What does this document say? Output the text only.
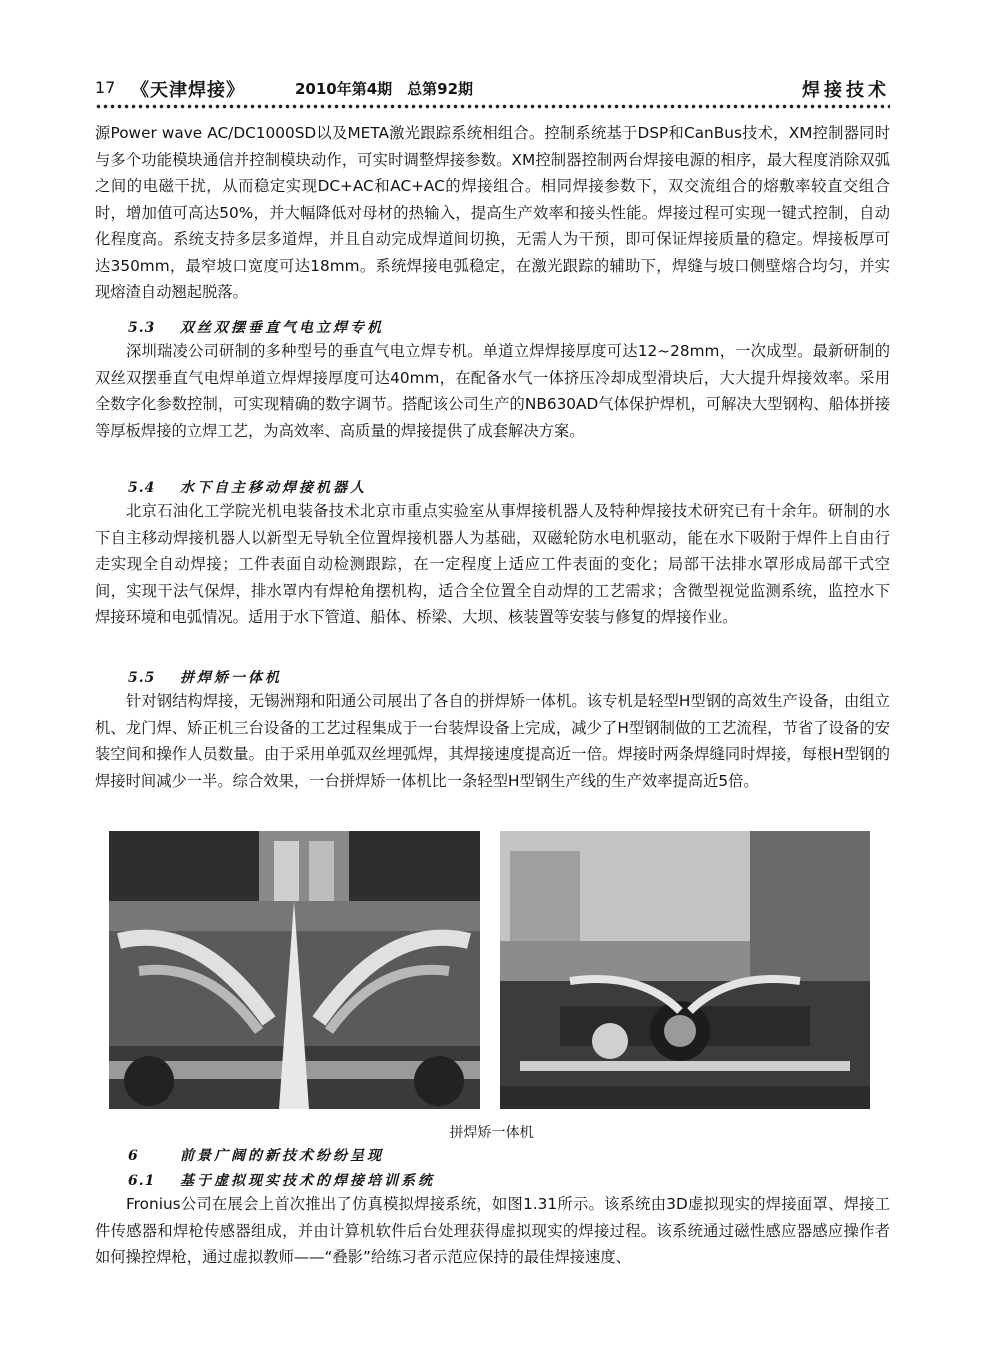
17 《天津焊接》	2010年第4期　总第92期	焊接技术

源Power wave AC/DC1000SD以及META激光跟踪系统相组合。控制系统基于DSP和CanBus技术，XM控制器同时与多个功能模块通信并控制模块动作，可实时调整焊接参数。XM控制器控制两台焊接电源的相序，最大程度消除双弧之间的电磁干扰，从而稳定实现DC+AC和AC+AC的焊接组合。相同焊接参数下，双交流组合的熔敷率较直交组合时，增加值可高达50%，并大幅降低对母材的热输入，提高生产效率和接头性能。焊接过程可实现一键式控制，自动化程度高。系统支持多层多道焊，并且自动完成焊道间切换，无需人为干预，即可保证焊接质量的稳定。焊接板厚可达350mm，最窄坡口宽度可达18mm。系统焊接电弧稳定，在激光跟踪的辅助下，焊缝与坡口侧壁熔合均匀，并实现熔渣自动翘起脱落。

5.3 双丝双摆垂直气电立焊专机

深圳瑞凌公司研制的多种型号的垂直气电立焊专机。单道立焊焊接厚度可达12~28mm，一次成型。最新研制的双丝双摆垂直气电焊单道立焊焊接厚度可达40mm，在配备水气一体挤压冷却成型滑块后，大大提升焊接效率。采用全数字化参数控制，可实现精确的数字调节。搭配该公司生产的NB630AD气体保护焊机，可解决大型钢构、船体拼接等厚板焊接的立焊工艺，为高效率、高质量的焊接提供了成套解决方案。

5.4 水下自主移动焊接机器人

北京石油化工学院光机电装备技术北京市重点实验室从事焊接机器人及特种焊接技术研究已有十余年。研制的水下自主移动焊接机器人以新型无导轨全位置焊接机器人为基础，双磁轮防水电机驱动，能在水下吸附于焊件上自由行走实现全自动焊接；工件表面自动检测跟踪，在一定程度上适应工件表面的变化；局部干法排水罩形成局部干式空间，实现干法气保焊，排水罩内有焊枪角摆机构，适合全位置全自动焊的工艺需求；含微型视觉监测系统，监控水下焊接环境和电弧情况。适用于水下管道、船体、桥梁、大坝、核装置等安装与修复的焊接作业。

5.5 拼焊矫一体机

针对钢结构焊接，无锡洲翔和阳通公司展出了各自的拼焊矫一体机。该专机是轻型H型钢的高效生产设备，由组立机、龙门焊、矫正机三台设备的工艺过程集成于一台装焊设备上完成，减少了H型钢制做的工艺流程，节省了设备的安装空间和操作人员数量。由于采用单弧双丝埋弧焊，其焊接速度提高近一倍。焊接时两条焊缝同时焊接，每根H型钢的焊接时间减少一半。综合效果，一台拼焊矫一体机比一条轻型H型钢生产线的生产效率提高近5倍。

拼焊矫一体机

6	前景广阔的新技术纷纷呈现

6.1 基于虚拟现实技术的焊接培训系统

Fronius公司在展会上首次推出了仿真模拟焊接系统，如图1.31所示。该系统由3D虚拟现实的焊接面罩、焊接工件传感器和焊枪传感器组成，并由计算机软件后台处理获得虚拟现实的焊接过程。该系统通过磁性感应器感应操作者如何操控焊枪，通过虚拟教师——“叠影”给练习者示范应保持的最佳焊接速度、
